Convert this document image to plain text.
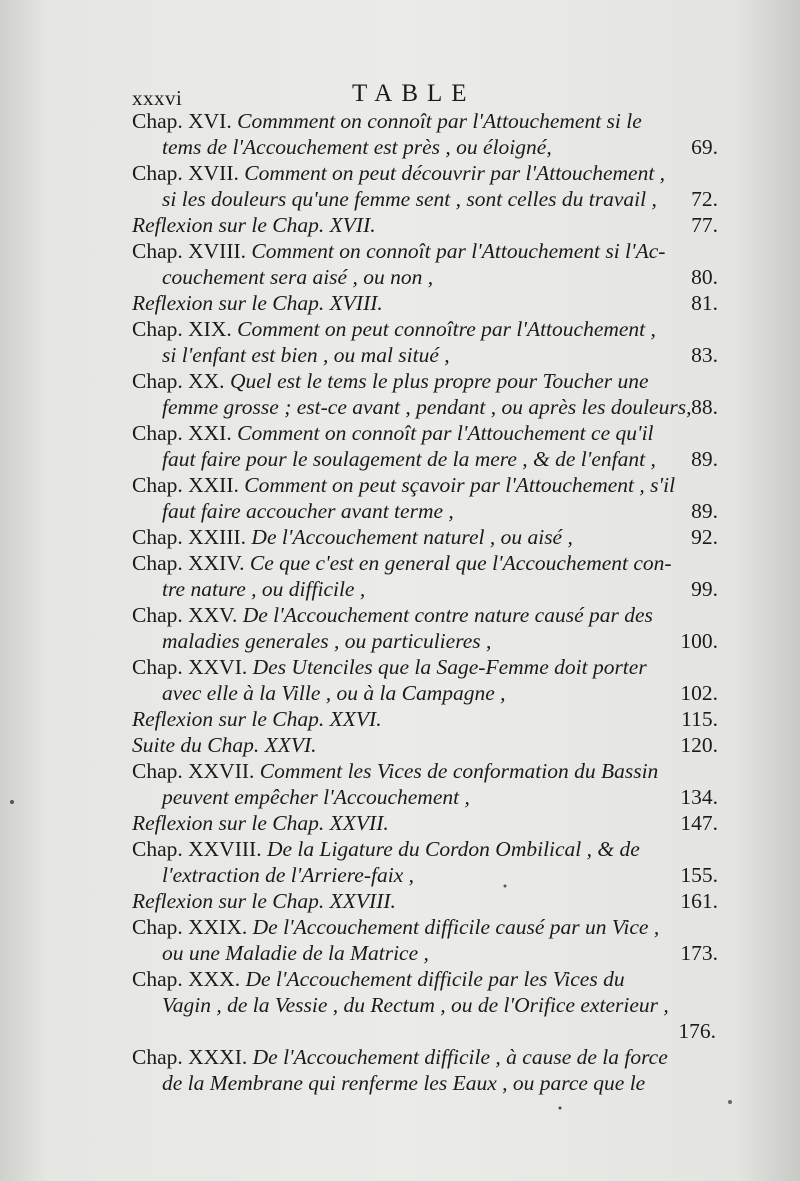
xxxvi	TABLE
Chap. XVI. Commment on connoît par l'Attouchement si le
tems de l'Accouchement est près , ou éloigné,	69.
Chap. XVII. Comment on peut découvrir par l'Attouchement ,
si les douleurs qu'une femme sent , sont celles du travail , 72.
Reflexion sur le Chap. XVII.	77.
Chap. XVIII. Comment on connoît par l'Attouchement si l'Ac-
couchement sera aisé , ou non ,	80.
Reflexion sur le Chap. XVIII.	81.
Chap. XIX. Comment on peut connoître par l'Attouchement ,
si l'enfant est bien , ou mal situé ,	83.
Chap. XX. Quel est le tems le plus propre pour Toucher une
femme grosse ; est-ce avant , pendant , ou après les douleurs, 88.
Chap. XXI. Comment on connoît par l'Attouchement ce qu'il
faut faire pour le soulagement de la mere , & de l'enfant , 89.
Chap. XXII. Comment on peut sçavoir par l'Attouchement , s'il
faut faire accoucher avant terme ,	89.
Chap. XXIII. De l'Accouchement naturel , ou aisé ,	92.
Chap. XXIV. Ce que c'est en general que l'Accouchement con-
tre nature , ou difficile ,	99.
Chap. XXV. De l'Accouchement contre nature causé par des
maladies generales , ou particulieres ,	100.
Chap. XXVI. Des Utenciles que la Sage-Femme doit porter
avec elle à la Ville , ou à la Campagne ,	102.
Reflexion sur le Chap. XXVI.	115.
Suite du Chap. XXVI.	120.
Chap. XXVII. Comment les Vices de conformation du Bassin
peuvent empêcher l'Accouchement ,	134.
Reflexion sur le Chap. XXVII.	147.
Chap. XXVIII. De la Ligature du Cordon Ombilical , & de
l'extraction de l'Arriere-faix ,	155.
Reflexion sur le Chap. XXVIII.	161.
Chap. XXIX. De l'Accouchement difficile causé par un Vice ,
ou une Maladie de la Matrice ,	173.
Chap. XXX. De l'Accouchement difficile par les Vices du
Vagin , de la Vessie , du Rectum , ou de l'Orifice exterieur ,
176.
Chap. XXXI. De l'Accouchement difficile , à cause de la force
de la Membrane qui renferme les Eaux , ou parce que le
